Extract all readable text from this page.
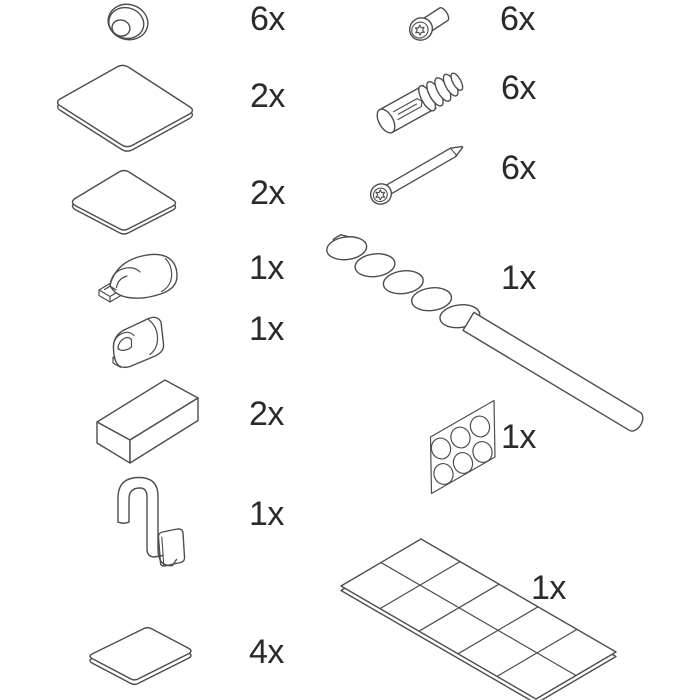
6x
2x
2x
1x
1x
2x
1x
4x
6x
6x
6x
1x
1x
1x
